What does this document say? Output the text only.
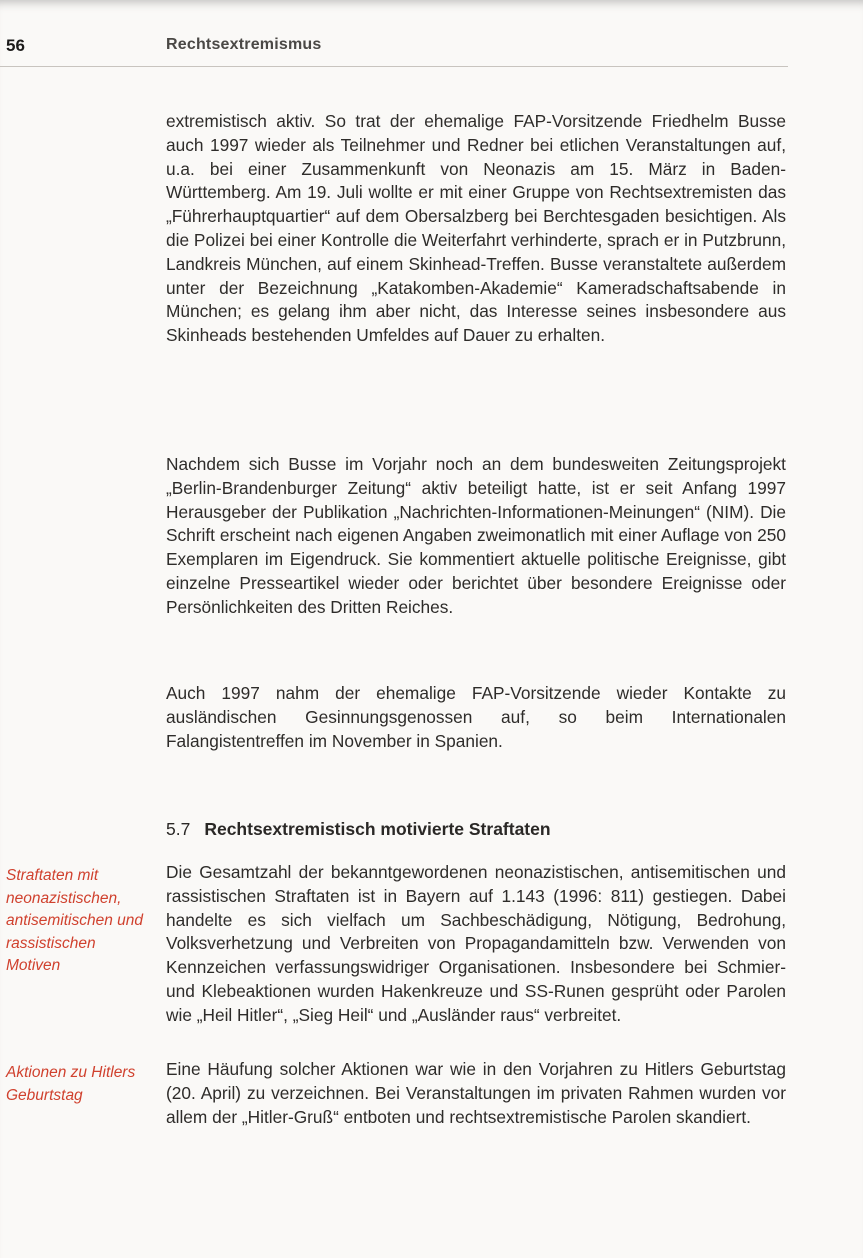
56	Rechtsextremismus

extremistisch aktiv. So trat der ehemalige FAP-Vorsitzende Friedhelm Busse auch 1997 wieder als Teilnehmer und Redner bei etlichen Veranstaltungen auf, u.a. bei einer Zusammenkunft von Neonazis am 15. März in Baden-Württemberg. Am 19. Juli wollte er mit einer Gruppe von Rechtsextremisten das „Führerhauptquartier“ auf dem Obersalzberg bei Berchtesgaden besichtigen. Als die Polizei bei einer Kontrolle die Weiterfahrt verhinderte, sprach er in Putzbrunn, Landkreis München, auf einem Skinhead-Treffen. Busse veranstaltete außerdem unter der Bezeichnung „Katakomben-Akademie“ Kameradschaftsabende in München; es gelang ihm aber nicht, das Interesse seines insbesondere aus Skinheads bestehenden Umfeldes auf Dauer zu erhalten.

Nachdem sich Busse im Vorjahr noch an dem bundesweiten Zeitungsprojekt „Berlin-Brandenburger Zeitung“ aktiv beteiligt hatte, ist er seit Anfang 1997 Herausgeber der Publikation „Nachrichten-Informationen-Meinungen“ (NIM). Die Schrift erscheint nach eigenen Angaben zweimonatlich mit einer Auflage von 250 Exemplaren im Eigendruck. Sie kommentiert aktuelle politische Ereignisse, gibt einzelne Presseartikel wieder oder berichtet über besondere Ereignisse oder Persönlichkeiten des Dritten Reiches.

Auch 1997 nahm der ehemalige FAP-Vorsitzende wieder Kontakte zu ausländischen Gesinnungsgenossen auf, so beim Internationalen Falangistentreffen im November in Spanien.

5.7 Rechtsextremistisch motivierte Straftaten
Straftaten mit neonazistischen, antisemitischen und rassistischen Motiven

Die Gesamtzahl der bekanntgewordenen neonazistischen, antisemitischen und rassistischen Straftaten ist in Bayern auf 1.143 (1996: 811) gestiegen. Dabei handelte es sich vielfach um Sachbeschädigung, Nötigung, Bedrohung, Volksverhetzung und Verbreiten von Propagandamitteln bzw. Verwenden von Kennzeichen verfassungswidriger Organisationen. Insbesondere bei Schmier- und Klebeaktionen wurden Hakenkreuze und SS-Runen gesprüht oder Parolen wie „Heil Hitler“, „Sieg Heil“ und „Ausländer raus“ verbreitet.

Aktionen zu Hitlers Geburtstag

Eine Häufung solcher Aktionen war wie in den Vorjahren zu Hitlers Geburtstag (20. April) zu verzeichnen. Bei Veranstaltungen im privaten Rahmen wurden vor allem der „Hitler-Gruß“ entboten und rechtsextremistische Parolen skandiert.
